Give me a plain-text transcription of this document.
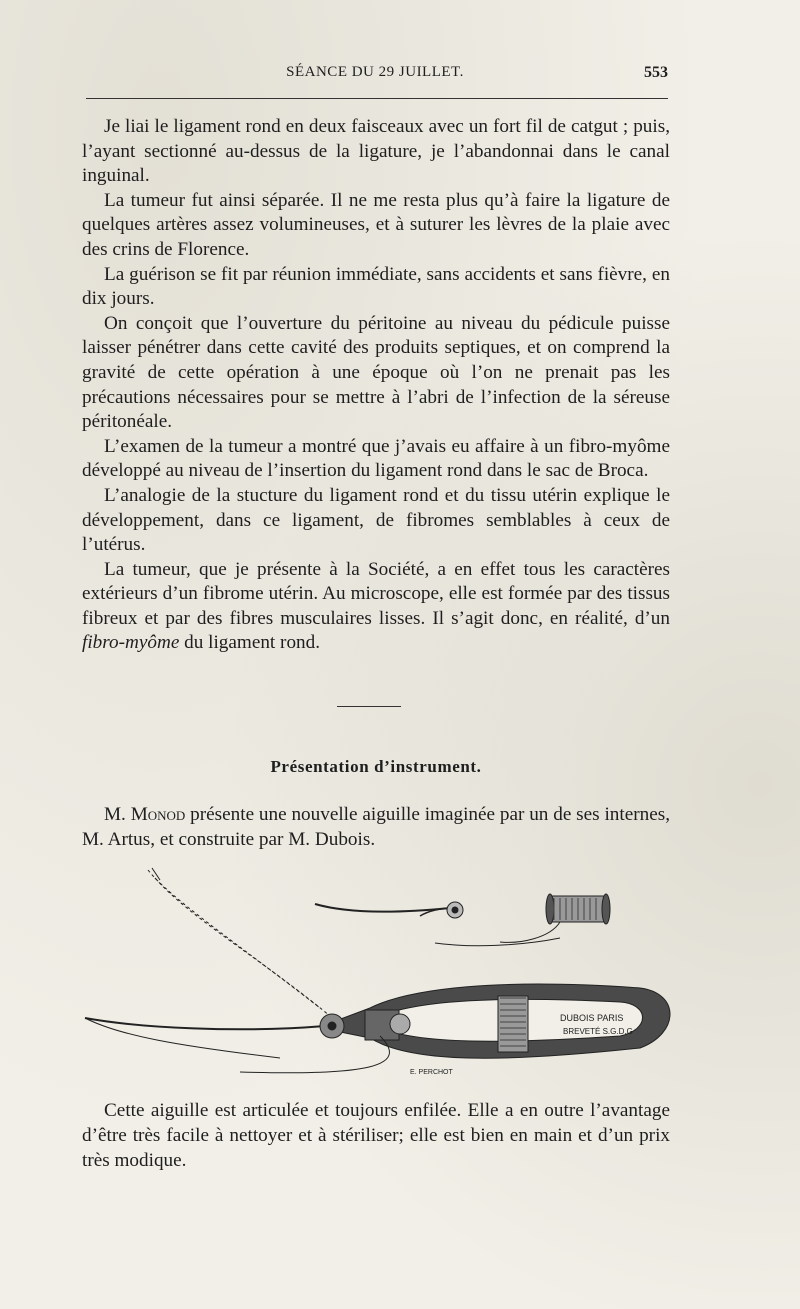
SÉANCE DU 29 JUILLET.	553

Je liai le ligament rond en deux faisceaux avec un fort fil de catgut ; puis, l’ayant sectionné au-dessus de la ligature, je l’abandonnai dans le canal inguinal.

La tumeur fut ainsi séparée. Il ne me resta plus qu’à faire la ligature de quelques artères assez volumineuses, et à suturer les lèvres de la plaie avec des crins de Florence.

La guérison se fit par réunion immédiate, sans accidents et sans fièvre, en dix jours.

On conçoit que l’ouverture du péritoine au niveau du pédicule puisse laisser pénétrer dans cette cavité des produits septiques, et on comprend la gravité de cette opération à une époque où l’on ne prenait pas les précautions nécessaires pour se mettre à l’abri de l’infection de la séreuse péritonéale.

L’examen de la tumeur a montré que j’avais eu affaire à un fibro-myôme développé au niveau de l’insertion du ligament rond dans le sac de Broca.

L’analogie de la stucture du ligament rond et du tissu utérin explique le développement, dans ce ligament, de fibromes semblables à ceux de l’utérus.

La tumeur, que je présente à la Société, a en effet tous les caractères extérieurs d’un fibrome utérin. Au microscope, elle est formée par des tissus fibreux et par des fibres musculaires lisses. Il s’agit donc, en réalité, d’un fibro-myôme du ligament rond.

Présentation d’instrument.

M. Monod présente une nouvelle aiguille imaginée par un de ses internes, M. Artus, et construite par M. Dubois.

DUBOIS PARIS
BREVETÉ S.G.D.G
E. PERCHOT

Cette aiguille est articulée et toujours enfilée. Elle a en outre l’avantage d’être très facile à nettoyer et à stériliser; elle est bien en main et d’un prix très modique.
